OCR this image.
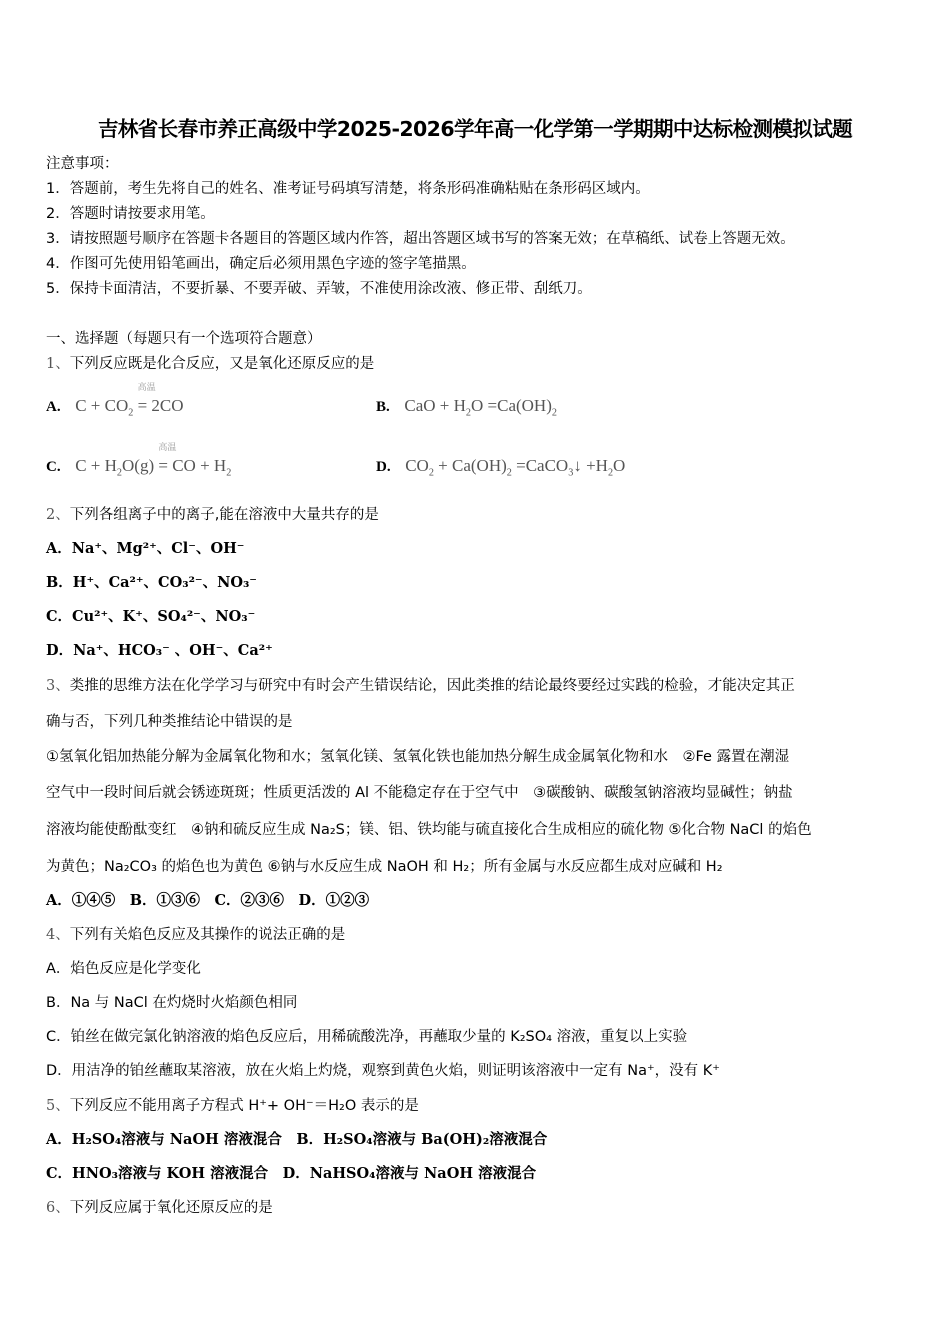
吉林省长春市养正高级中学2025-2026学年高一化学第一学期期中达标检测模拟试题
注意事项：
1．答题前，考生先将自己的姓名、准考证号码填写清楚，将条形码准确粘贴在条形码区域内。
2．答题时请按要求用笔。
3．请按照题号顺序在答题卡各题目的答题区域内作答，超出答题区域书写的答案无效；在草稿纸、试卷上答题无效。
4．作图可先使用铅笔画出，确定后必须用黑色字迹的签字笔描黑。
5．保持卡面清洁，不要折暴、不要弄破、弄皱，不准使用涂改液、修正带、刮纸刀。
一、选择题（每题只有一个选项符合题意）
1、下列反应既是化合反应，又是氧化还原反应的是
A. $C + CO_2$
高温
= 2CO	B. CaO + $H_2O =Ca(OH)_2$
C. $C + H_2O(g)$
高温
= CO + $H_2$	D. $CO_2 + Ca(OH)_2$ =CaCO$_3$↓ $+H_2O$
2、下列各组离子中的离子,能在溶液中大量共存的是
A．Na⁺、Mg²⁺、Cl⁻、OH⁻
B．H⁺、Ca²⁺、CO₃²⁻、NO₃⁻
C．Cu²⁺、K⁺、SO₄²⁻、NO₃⁻
D．Na⁺、HCO₃⁻ 、OH⁻、Ca²⁺
3、类推的思维方法在化学学习与研究中有时会产生错误结论，因此类推的结论最终要经过实践的检验，才能决定其正
确与否，下列几种类推结论中错误的是
①氢氧化铝加热能分解为金属氧化物和水；氢氧化镁、氢氧化铁也能加热分解生成金属氧化物和水　②Fe 露置在潮湿
空气中一段时间后就会锈迹斑斑；性质更活泼的 Al 不能稳定存在于空气中　③碳酸钠、碳酸氢钠溶液均显碱性；钠盐
溶液均能使酚酞变红　④钠和硫反应生成 Na₂S；镁、铝、铁均能与硫直接化合生成相应的硫化物 ⑤化合物 NaCl 的焰色
为黄色；Na₂CO₃ 的焰色也为黄色 ⑥钠与水反应生成 NaOH 和 H₂；所有金属与水反应都生成对应碱和 H₂
A．①④⑤　B．①③⑥　C．②③⑥　D．①②③
4、下列有关焰色反应及其操作的说法正确的是
A．焰色反应是化学变化
B．Na 与 NaCl 在灼烧时火焰颜色相同
C．铂丝在做完氯化钠溶液的焰色反应后，用稀硫酸洗净，再蘸取少量的 K₂SO₄ 溶液，重复以上实验
D．用洁净的铂丝蘸取某溶液，放在火焰上灼烧，观察到黄色火焰，则证明该溶液中一定有 Na⁺，没有 K⁺
5、下列反应不能用离子方程式 H⁺+ OH⁻＝H₂O 表示的是
A．H₂SO₄溶液与 NaOH 溶液混合　B．H₂SO₄溶液与 Ba(OH)₂溶液混合
C．HNO₃溶液与 KOH 溶液混合　D．NaHSO₄溶液与 NaOH 溶液混合
6、下列反应属于氧化还原反应的是
